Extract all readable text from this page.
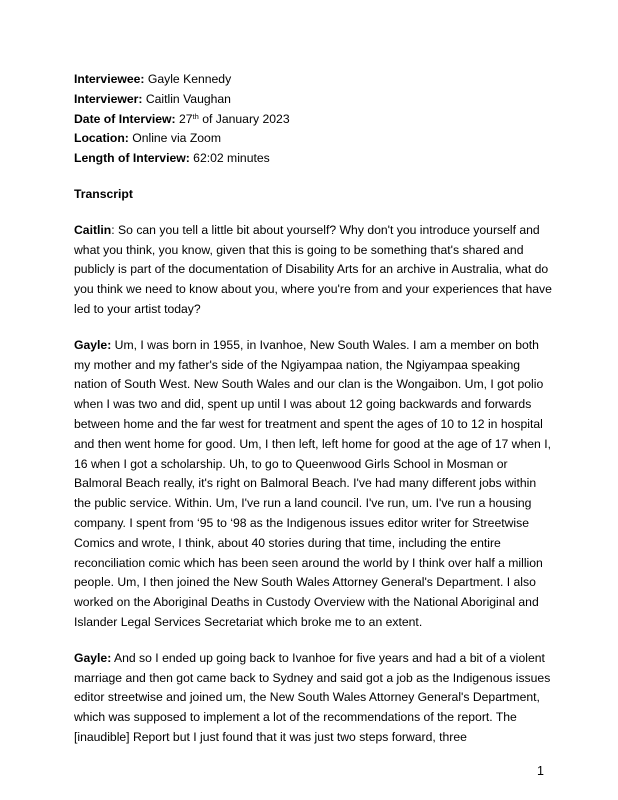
Interviewee: Gayle Kennedy
Interviewer: Caitlin Vaughan
Date of Interview: 27th of January 2023
Location: Online via Zoom
Length of Interview: 62:02 minutes
Transcript
Caitlin: So can you tell a little bit about yourself? Why don't you introduce yourself and what you think, you know, given that this is going to be something that's shared and publicly is part of the documentation of Disability Arts for an archive in Australia, what do you think we need to know about you, where you're from and your experiences that have led to your artist today?
Gayle: Um, I was born in 1955, in Ivanhoe, New South Wales. I am a member on both my mother and my father's side of the Ngiyampaa nation, the Ngiyampaa speaking nation of South West. New South Wales and our clan is the Wongaibon. Um, I got polio when I was two and did, spent up until I was about 12 going backwards and forwards between home and the far west for treatment and spent the ages of 10 to 12 in hospital and then went home for good. Um, I then left, left home for good at the age of 17 when I, 16 when I got a scholarship. Uh, to go to Queenwood Girls School in Mosman or Balmoral Beach really, it's right on Balmoral Beach. I've had many different jobs within the public service. Within. Um, I've run a land council. I've run, um. I've run a housing company. I spent from ‘95 to ‘98 as the Indigenous issues editor writer for Streetwise Comics and wrote, I think, about 40 stories during that time, including the entire reconciliation comic which has been seen around the world by I think over half a million people. Um, I then joined the New South Wales Attorney General's Department. I also worked on the Aboriginal Deaths in Custody Overview with the National Aboriginal and Islander Legal Services Secretariat which broke me to an extent.
Gayle: And so I ended up going back to Ivanhoe for five years and had a bit of a violent marriage and then got came back to Sydney and said got a job as the Indigenous issues editor streetwise and joined um, the New South Wales Attorney General's Department, which was supposed to implement a lot of the recommendations of the report. The [inaudible] Report but I just found that it was just two steps forward, three
1
